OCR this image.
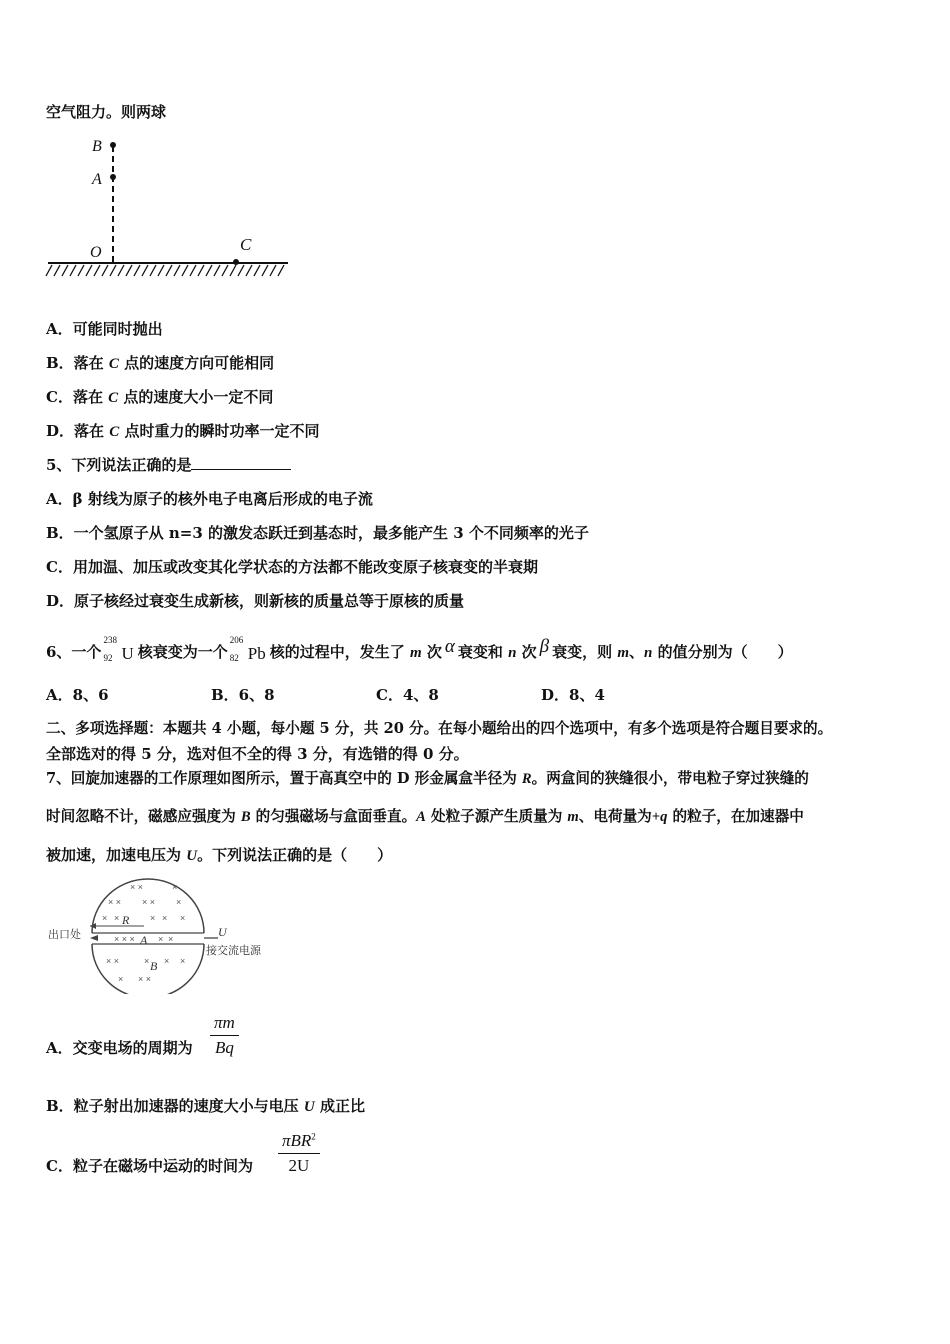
空气阻力。则两球
B
A
O	C
A．可能同时抛出
B．落在 C 点的速度方向可能相同
C．落在 C 点的速度大小一定不同
D．落在 C 点时重力的瞬时功率一定不同
5、下列说法正确的是
A．β 射线为原子的核外电子电离后形成的电子流
B．一个氢原子从 n=3 的激发态跃迁到基态时，最多能产生 3 个不同频率的光子
C．用加温、加压或改变其化学状态的方法都不能改变原子核衰变的半衰期
D．原子核经过衰变生成新核，则新核的质量总等于原核的质量
6、一个
238
92 U 核衰变为一个
206
82 Pb 核的过程中，发生了 m 次 α 衰变和 n 次 β 衰变，则 m、n 的值分别为（　　）
A．8、6	B．6、8	C．4、8	D．8、4
二、多项选择题：本题共 4 小题，每小题 5 分，共 20 分。在每小题给出的四个选项中，有多个选项是符合题目要求的。
全部选对的得 5 分，选对但不全的得 3 分，有选错的得 0 分。
7、回旋加速器的工作原理如图所示，置于高真空中的 D 形金属盒半径为 R。两盒间的狭缝很小，带电粒子穿过狭缝的
时间忽略不计，磁感应强度为 B 的匀强磁场与盒面垂直。A 处粒子源产生质量为 m、电荷量为+q 的粒子，在加速器中
被加速，加速电压为 U。下列说法正确的是（　　）
× ×	×
× × × × ×
× ×	× × ×
× × ×	× ×
× ×	× × ×
× × ×
出口处
R
A
B
U
接交流电源
A．交变电场的周期为 $\frac{\pi m}{Bq}$
B．粒子射出加速器的速度大小与电压 U 成正比
C．粒子在磁场中运动的时间为
πBR$^2$
2U
